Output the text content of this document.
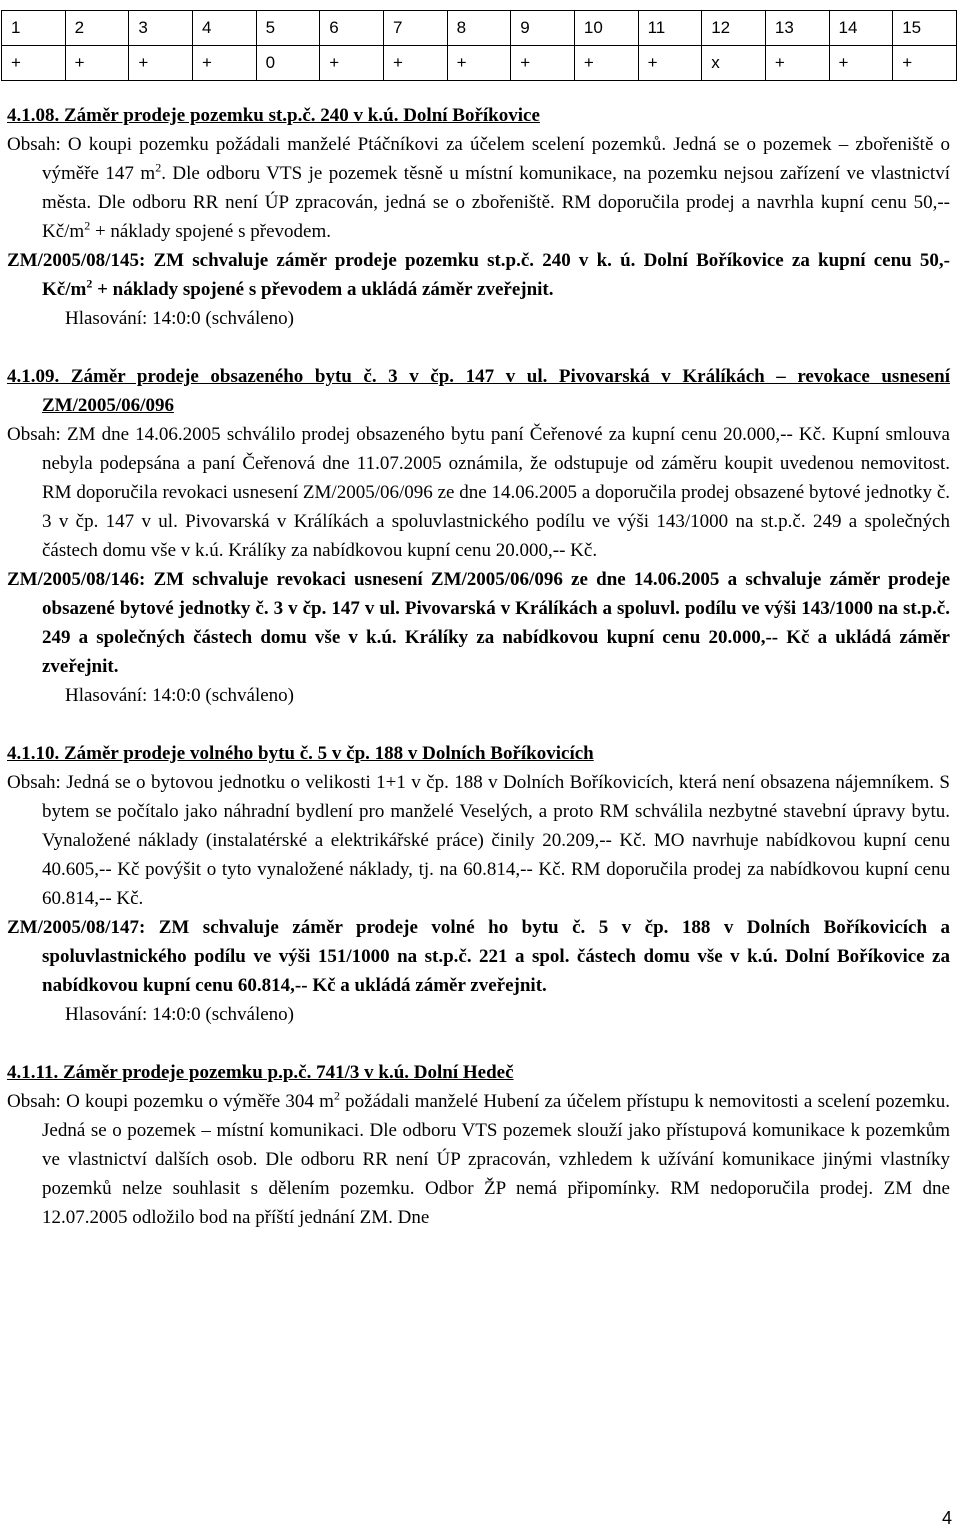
1	2	3	4	5	6	7	8	9	10	11	12	13	14	15
+	+	+	+	0	+	+	+	+	+	+	x	+	+	+
4.1.08. Záměr prodeje pozemku st.p.č. 240 v k.ú. Dolní Boříkovice
Obsah: O koupi pozemku požádali manželé Ptáčníkovi za účelem scelení pozemků. Jedná se o pozemek – zbořeniště o výměře 147 $m^2$. Dle odboru VTS je pozemek těsně u místní komunikace, na pozemku nejsou zařízení ve vlastnictví města. Dle odboru RR není ÚP zpracován, jedná se o zbořeniště. RM doporučila prodej a navrhla kupní cenu 50,-- $Kč/m^2$ + náklady spojené s převodem.
ZM/2005/08/145: ZM schvaluje záměr prodeje pozemku st.p.č. 240 v k. ú. Dolní Boříkovice za kupní cenu 50,- $Kč/m^2$ + náklady spojené s převodem a ukládá záměr zveřejnit.
Hlasování: 14:0:0 (schváleno)
4.1.09. Záměr prodeje obsazeného bytu č. 3 v čp. 147 v ul. Pivovarská v Králíkách – revokace usnesení ZM/2005/06/096
Obsah: ZM dne 14.06.2005 schválilo prodej obsazeného bytu paní Čeřenové za kupní cenu 20.000,-- Kč. Kupní smlouva nebyla podepsána a paní Čeřenová dne 11.07.2005 oznámila, že odstupuje od záměru koupit uvedenou nemovitost. RM doporučila revokaci usnesení ZM/2005/06/096 ze dne 14.06.2005 a doporučila prodej obsazené bytové jednotky č. 3 v čp. 147 v ul. Pivovarská v Králíkách a spoluvlastnického podílu ve výši 143/1000 na st.p.č. 249 a společných částech domu vše v k.ú. Králíky za nabídkovou kupní cenu 20.000,-- Kč.
ZM/2005/08/146: ZM schvaluje revokaci usnesení ZM/2005/06/096 ze dne 14.06.2005 a schvaluje záměr prodeje obsazené bytové jednotky č. 3 v čp. 147 v ul. Pivovarská v Králíkách a spoluvl. podílu ve výši 143/1000 na st.p.č. 249 a společných částech domu vše v k.ú. Králíky za nabídkovou kupní cenu 20.000,-- Kč a ukládá záměr zveřejnit.
Hlasování: 14:0:0 (schváleno)
4.1.10. Záměr prodeje volného bytu č. 5 v čp. 188 v Dolních Boříkovicích
Obsah: Jedná se o bytovou jednotku o velikosti 1+1 v čp. 188 v Dolních Boříkovicích, která není obsazena nájemníkem. S bytem se počítalo jako náhradní bydlení pro manželé Veselých, a proto RM schválila nezbytné stavební úpravy bytu. Vynaložené náklady (instalatérské a elektrikářské práce) činily 20.209,-- Kč. MO navrhuje nabídkovou kupní cenu 40.605,-- Kč povýšit o tyto vynaložené náklady, tj. na 60.814,-- Kč. RM doporučila prodej za nabídkovou kupní cenu 60.814,-- Kč.
ZM/2005/08/147: ZM schvaluje záměr prodeje volné ho bytu č. 5 v čp. 188 v Dolních Boříkovicích a spoluvlastnického podílu ve výši 151/1000 na st.p.č. 221 a spol. částech domu vše v k.ú. Dolní Boříkovice za nabídkovou kupní cenu 60.814,-- Kč a ukládá záměr zveřejnit.
Hlasování: 14:0:0 (schváleno)
4.1.11. Záměr prodeje pozemku p.p.č. 741/3 v k.ú. Dolní Hedeč
Obsah: O koupi pozemku o výměře 304 $m^2$ požádali manželé Hubení za účelem přístupu k nemovitosti a scelení pozemku. Jedná se o pozemek – místní komunikaci. Dle odboru VTS pozemek slouží jako přístupová komunikace k pozemkům ve vlastnictví dalších osob. Dle odboru RR není ÚP zpracován, vzhledem k užívání komunikace jinými vlastníky pozemků nelze souhlasit s dělením pozemku. Odbor ŽP nemá připomínky. RM nedoporučila prodej. ZM dne 12.07.2005 odložilo bod na příští jednání ZM. Dne
4
